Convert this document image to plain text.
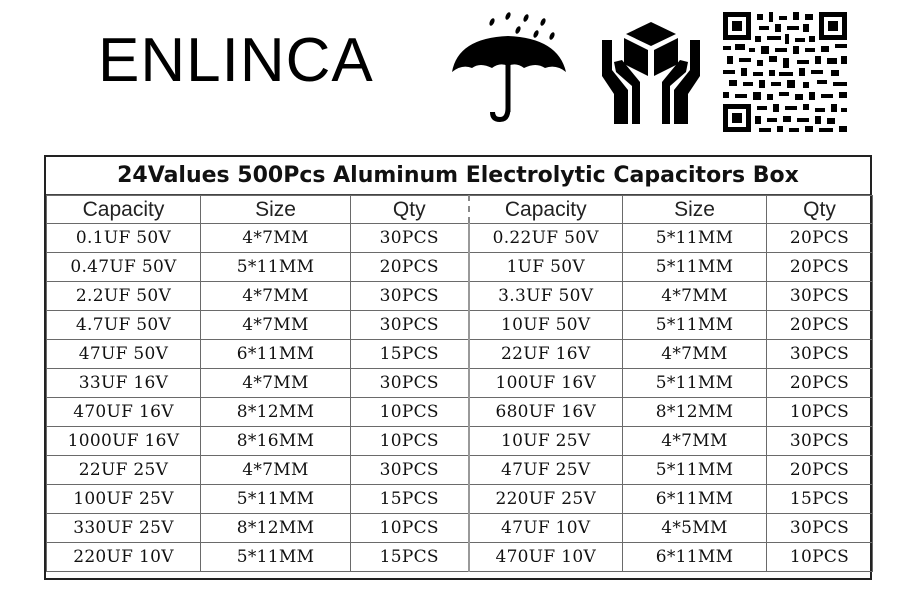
ENLINCA
24Values 500Pcs Aluminum Electrolytic Capacitors Box
Capacity	Size	Qty	Capacity	Size	Qty
0.1UF 50V	4*7MM	30PCS	0.22UF 50V	5*11MM	20PCS
0.47UF 50V	5*11MM	20PCS	1UF 50V	5*11MM	20PCS
2.2UF 50V	4*7MM	30PCS	3.3UF 50V	4*7MM	30PCS
4.7UF 50V	4*7MM	30PCS	10UF 50V	5*11MM	20PCS
47UF 50V	6*11MM	15PCS	22UF 16V	4*7MM	30PCS
33UF 16V	4*7MM	30PCS	100UF 16V	5*11MM	20PCS
470UF 16V	8*12MM	10PCS	680UF 16V	8*12MM	10PCS
1000UF 16V	8*16MM	10PCS	10UF 25V	4*7MM	30PCS
22UF 25V	4*7MM	30PCS	47UF 25V	5*11MM	20PCS
100UF 25V	5*11MM	15PCS	220UF 25V	6*11MM	15PCS
330UF 25V	8*12MM	10PCS	47UF 10V	4*5MM	30PCS
220UF 10V	5*11MM	15PCS	470UF 10V	6*11MM	10PCS
